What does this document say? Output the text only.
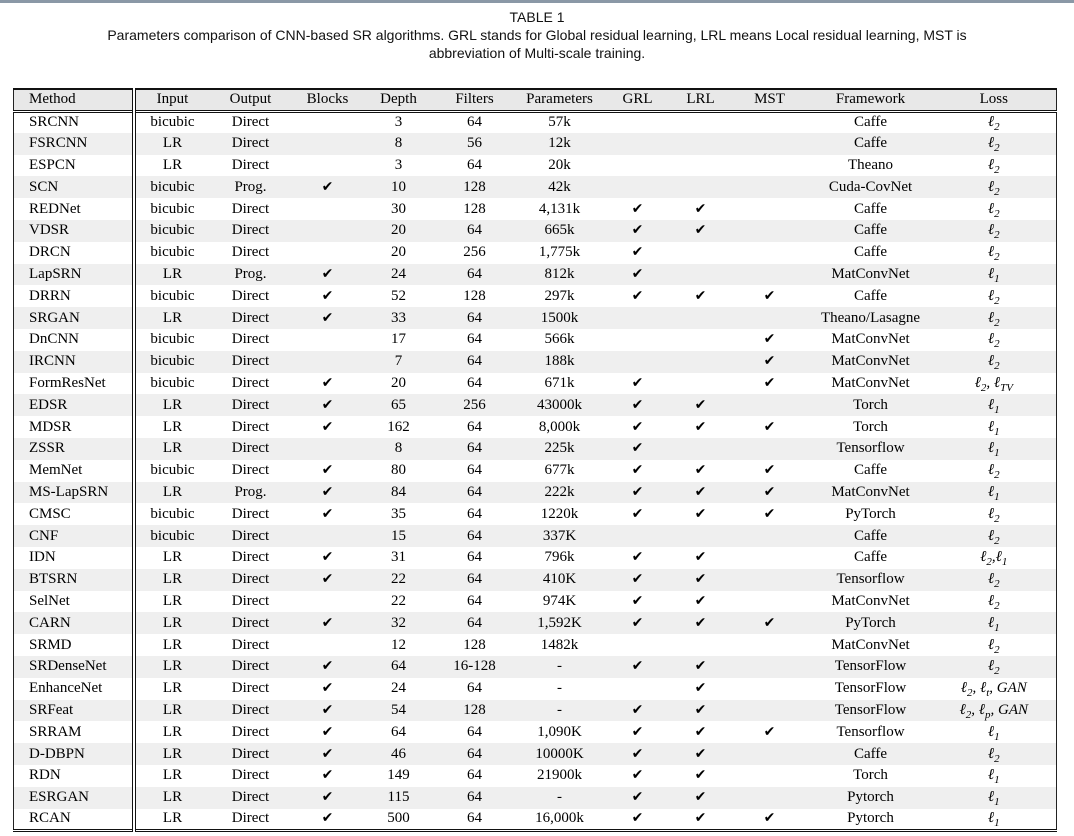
TABLE 1
Parameters comparison of CNN-based SR algorithms. GRL stands for Global residual learning, LRL means Local residual learning, MST is
abbreviation of Multi-scale training.
Method	Input	Output	Blocks	Depth	Filters	Parameters	GRL	LRL	MST	Framework	Loss
SRCNN	bicubic	Direct		3	64	57k				Caffe	ℓ$_2$
FSRCNN	LR	Direct		8	56	12k				Caffe	ℓ$_2$
ESPCN	LR	Direct		3	64	20k				Theano	ℓ$_2$
SCN	bicubic	Prog.	✔	10	128	42k				Cuda-CovNet	ℓ$_2$
REDNet	bicubic	Direct		30	128	4,131k	✔	✔		Caffe	ℓ$_2$
VDSR	bicubic	Direct		20	64	665k	✔	✔		Caffe	ℓ$_2$
DRCN	bicubic	Direct		20	256	1,775k	✔			Caffe	ℓ$_2$
LapSRN	LR	Prog.	✔	24	64	812k	✔			MatConvNet	ℓ$_1$
DRRN	bicubic	Direct	✔	52	128	297k	✔	✔	✔	Caffe	ℓ$_2$
SRGAN	LR	Direct	✔	33	64	1500k				Theano/Lasagne	ℓ$_2$
DnCNN	bicubic	Direct		17	64	566k			✔	MatConvNet	ℓ$_2$
IRCNN	bicubic	Direct		7	64	188k			✔	MatConvNet	ℓ$_2$
FormResNet	bicubic	Direct	✔	20	64	671k	✔		✔	MatConvNet	ℓ$_2$, ℓ$_{TV}$
EDSR	LR	Direct	✔	65	256	43000k	✔	✔		Torch	ℓ$_1$
MDSR	LR	Direct	✔	162	64	8,000k	✔	✔	✔	Torch	ℓ$_1$
ZSSR	LR	Direct		8	64	225k	✔			Tensorflow	ℓ$_1$
MemNet	bicubic	Direct	✔	80	64	677k	✔	✔	✔	Caffe	ℓ$_2$
MS-LapSRN	LR	Prog.	✔	84	64	222k	✔	✔	✔	MatConvNet	ℓ$_1$
CMSC	bicubic	Direct	✔	35	64	1220k	✔	✔	✔	PyTorch	ℓ$_2$
CNF	bicubic	Direct		15	64	337K				Caffe	ℓ$_2$
IDN	LR	Direct	✔	31	64	796k	✔	✔		Caffe	ℓ$_2$,ℓ$_1$
BTSRN	LR	Direct	✔	22	64	410K	✔	✔		Tensorflow	ℓ$_2$
SelNet	LR	Direct		22	64	974K	✔	✔		MatConvNet	ℓ$_2$
CARN	LR	Direct	✔	32	64	1,592K	✔	✔	✔	PyTorch	ℓ$_1$
SRMD	LR	Direct		12	128	1482k				MatConvNet	ℓ$_2$
SRDenseNet	LR	Direct	✔	64	16-128	-	✔	✔		TensorFlow	ℓ$_2$
EnhanceNet	LR	Direct	✔	24	64	-		✔		TensorFlow	ℓ$_2$, ℓ$_t$, GAN
SRFeat	LR	Direct	✔	54	128	-	✔	✔		TensorFlow	ℓ$_2$, ℓ$_p$, GAN
SRRAM	LR	Direct	✔	64	64	1,090K	✔	✔	✔	Tensorflow	ℓ$_1$
D-DBPN	LR	Direct	✔	46	64	10000K	✔	✔		Caffe	ℓ$_2$
RDN	LR	Direct	✔	149	64	21900k	✔	✔		Torch	ℓ$_1$
ESRGAN	LR	Direct	✔	115	64	-	✔	✔		Pytorch	ℓ$_1$
RCAN	LR	Direct	✔	500	64	16,000k	✔	✔	✔	Pytorch	ℓ$_1$
